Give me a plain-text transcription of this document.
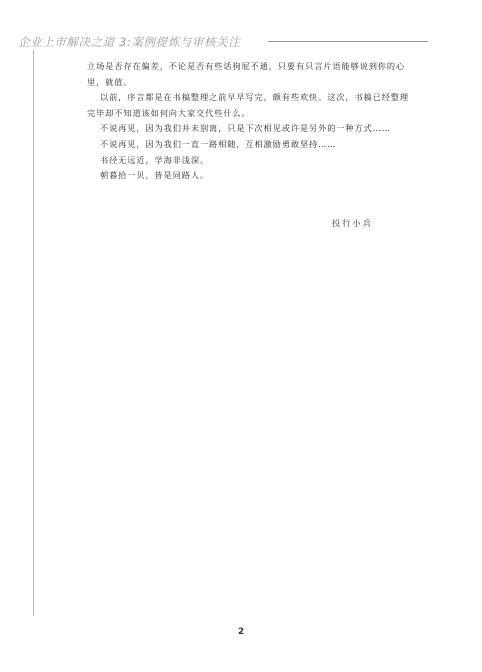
企业上市解决之道 3:案例提炼与审核关注

立场是否存在偏差，不论是否有些话狗屁不通，只要有只言片语能够说到你的心里，就值。

以前，序言都是在书稿整理之前早早写完，颇有些欢快。这次，书稿已经整理完毕却不知道该如何向大家交代些什么。

不说再见，因为我们并未别离，只是下次相见或许是另外的一种方式……

不说再见，因为我们一直一路相随，互相激励勇敢坚持……

书径无远近，学海非浅深。

朝暮拾一贝，皆是同路人。

投行小兵
2
